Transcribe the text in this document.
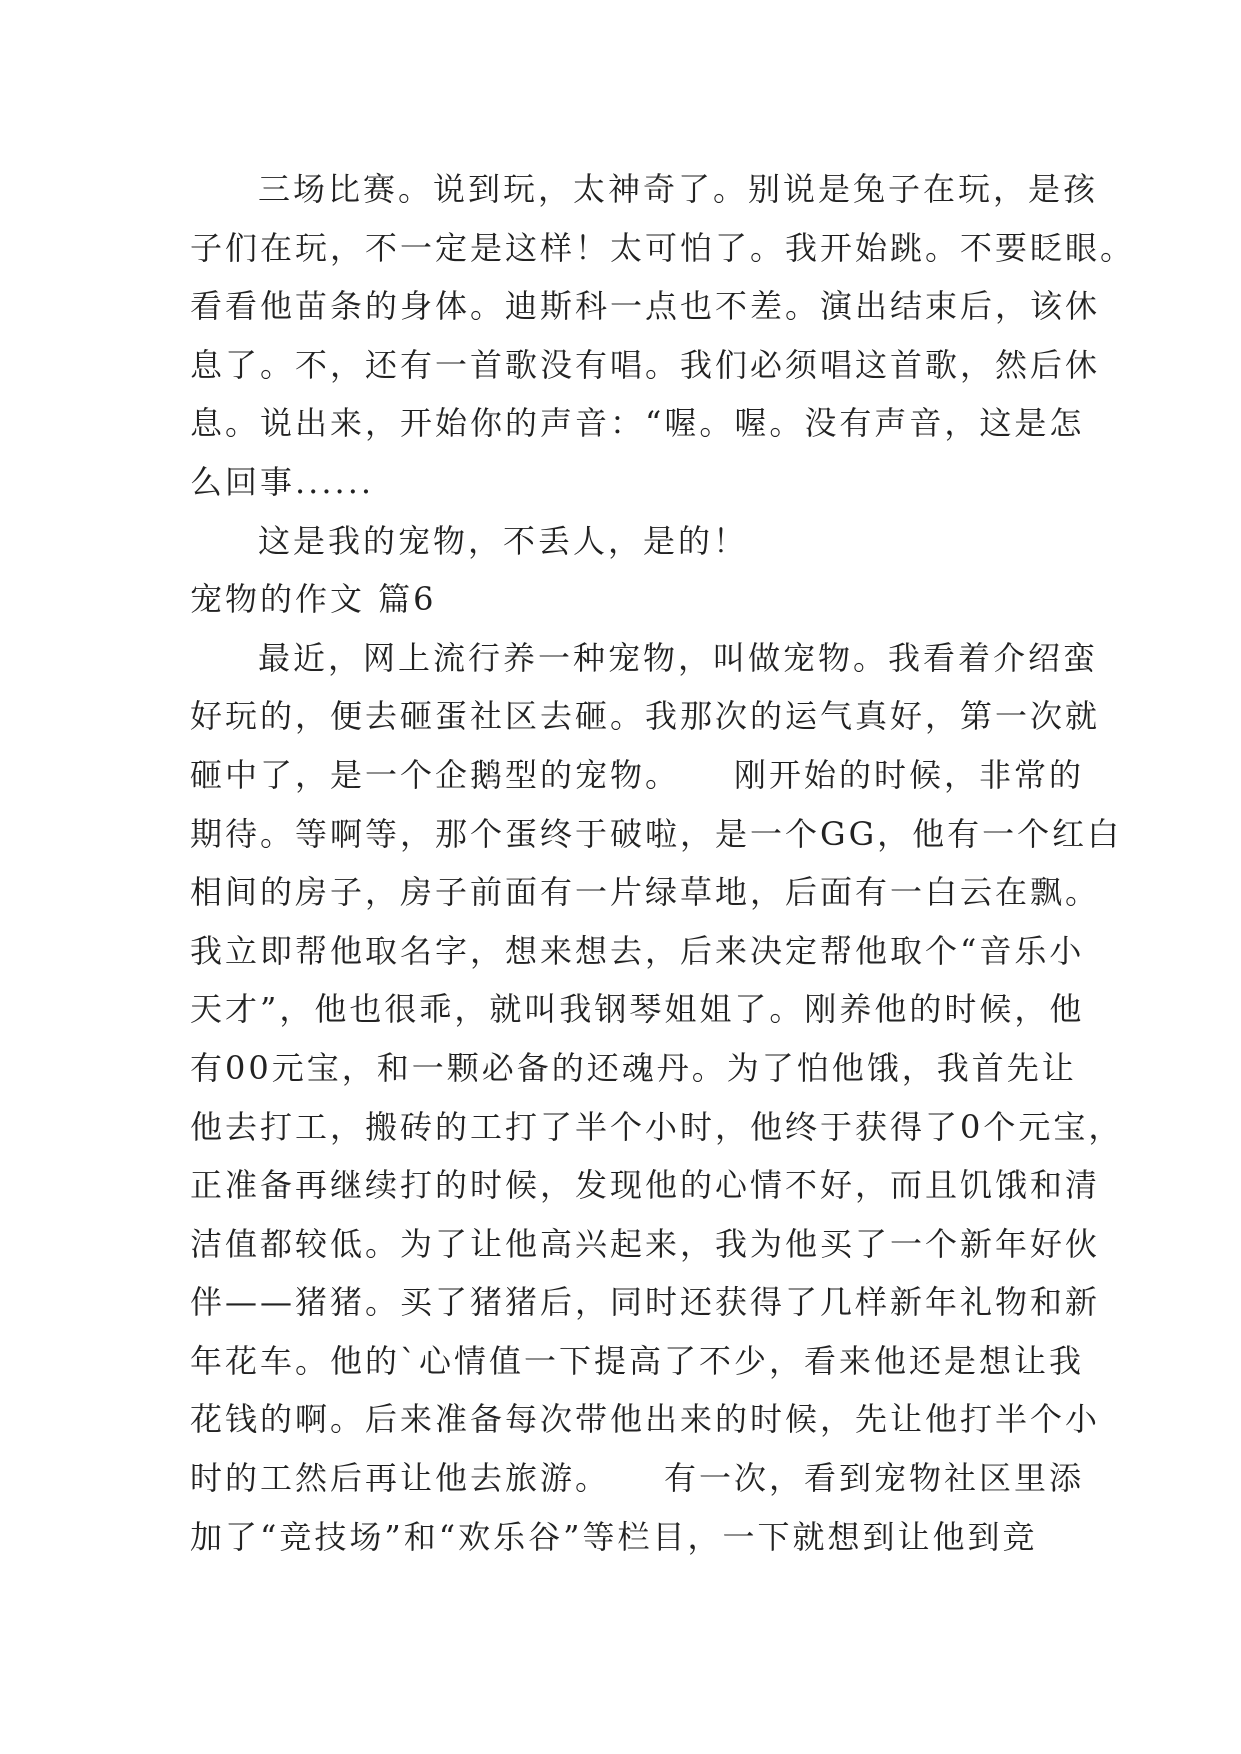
三场比赛。说到玩，太神奇了。别说是兔子在玩，是孩
子们在玩，不一定是这样！太可怕了。我开始跳。不要眨眼。
看看他苗条的身体。迪斯科一点也不差。演出结束后，该休
息了。不，还有一首歌没有唱。我们必须唱这首歌，然后休
息。说出来，开始你的声音：“喔。喔。没有声音，这是怎
么回事......
这是我的宠物，不丢人，是的！
宠物的作文 篇6
最近，网上流行养一种宠物，叫做宠物。我看着介绍蛮
好玩的，便去砸蛋社区去砸。我那次的运气真好，第一次就
砸中了，是一个企鹅型的宠物。　　刚开始的时候，非常的
期待。等啊等，那个蛋终于破啦，是一个GG，他有一个红白
相间的房子，房子前面有一片绿草地，后面有一白云在飘。
我立即帮他取名字，想来想去，后来决定帮他取个“音乐小
天才”，他也很乖，就叫我钢琴姐姐了。刚养他的时候，他
有00元宝，和一颗必备的还魂丹。为了怕他饿，我首先让
他去打工，搬砖的工打了半个小时，他终于获得了0个元宝，
正准备再继续打的时候，发现他的心情不好，而且饥饿和清
洁值都较低。为了让他高兴起来，我为他买了一个新年好伙
伴——猪猪。买了猪猪后，同时还获得了几样新年礼物和新
年花车。他的`心情值一下提高了不少，看来他还是想让我
花钱的啊。后来准备每次带他出来的时候，先让他打半个小
时的工然后再让他去旅游。　　有一次，看到宠物社区里添
加了“竞技场”和“欢乐谷”等栏目，一下就想到让他到竞
